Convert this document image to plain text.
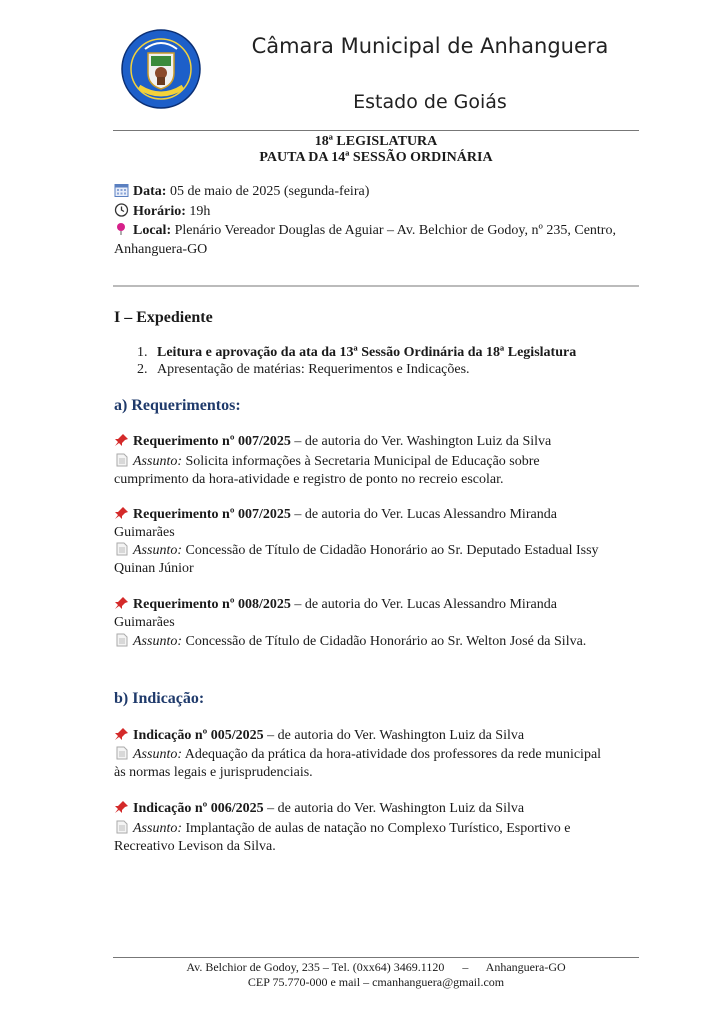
Câmara Municipal de Anhanguera
Estado de Goiás
18ª LEGISLATURA
PAUTA DA 14ª SESSÃO ORDINÁRIA
Data: 05 de maio de 2025 (segunda-feira)
Horário: 19h
Local: Plenário Vereador Douglas de Aguiar – Av. Belchior de Godoy, nº 235, Centro,
Anhanguera-GO
I – Expediente
1. Leitura e aprovação da ata da 13ª Sessão Ordinária da 18ª Legislatura
2. Apresentação de matérias: Requerimentos e Indicações.
a) Requerimentos:
Requerimento nº 007/2025 – de autoria do Ver. Washington Luiz da Silva
Assunto: Solicita informações à Secretaria Municipal de Educação sobre
cumprimento da hora-atividade e registro de ponto no recreio escolar.
Requerimento nº 007/2025 – de autoria do Ver. Lucas Alessandro Miranda
Guimarães
Assunto: Concessão de Título de Cidadão Honorário ao Sr. Deputado Estadual Issy
Quinan Júnior
Requerimento nº 008/2025 – de autoria do Ver. Lucas Alessandro Miranda
Guimarães
Assunto: Concessão de Título de Cidadão Honorário ao Sr. Welton José da Silva.
b) Indicação:
Indicação nº 005/2025 – de autoria do Ver. Washington Luiz da Silva
Assunto: Adequação da prática da hora-atividade dos professores da rede municipal
às normas legais e jurisprudenciais.
Indicação nº 006/2025 – de autoria do Ver. Washington Luiz da Silva
Assunto: Implantação de aulas de natação no Complexo Turístico, Esportivo e
Recreativo Levison da Silva.
Av. Belchior de Godoy, 235 – Tel. (0xx64) 3469.1120      –      Anhanguera-GO
CEP 75.770-000 e mail – cmanhanguera@gmail.com
